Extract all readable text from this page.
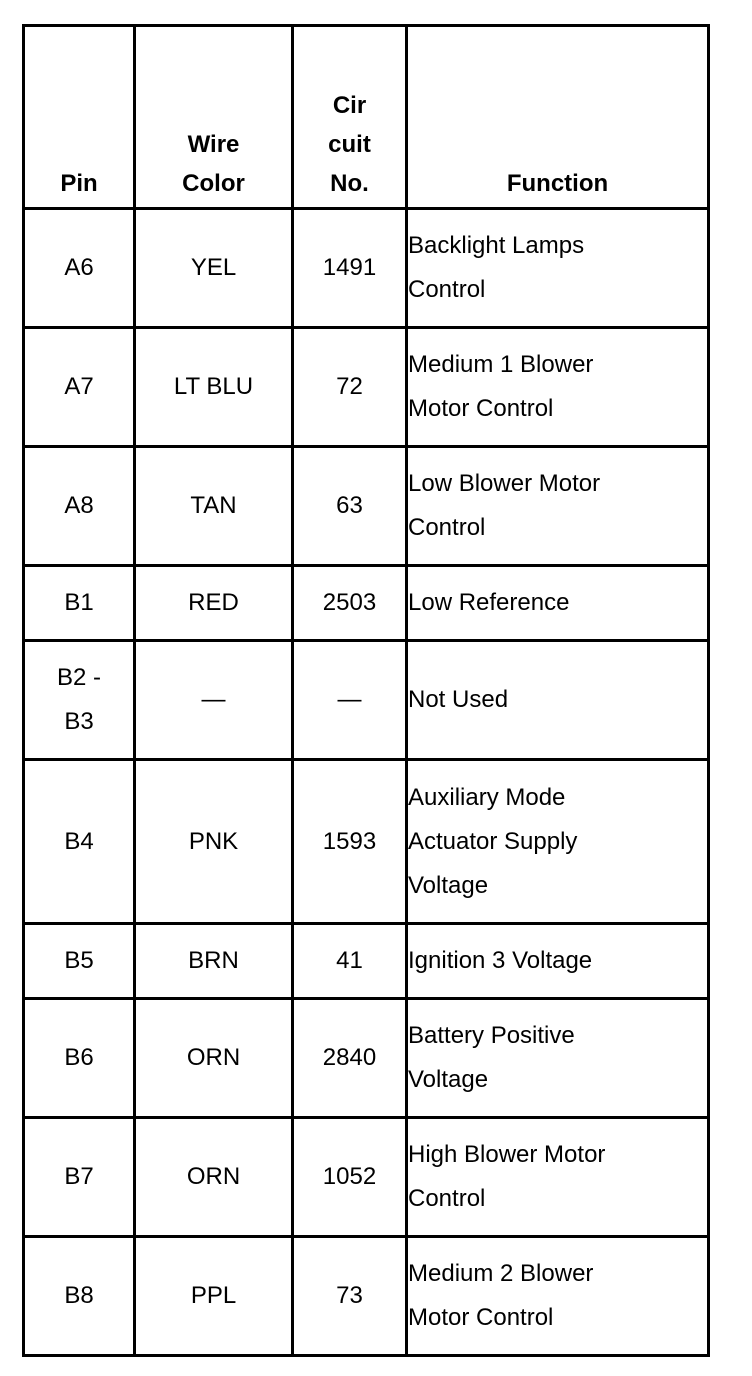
Pin	Wire Color	Cir cuit No.	Function
A6	YEL	1491	Backlight Lamps Control
A7	LT BLU	72	Medium 1 Blower Motor Control
A8	TAN	63	Low Blower Motor Control
B1	RED	2503	Low Reference
B2 - B3	—	—	Not Used
B4	PNK	1593	Auxiliary Mode Actuator Supply Voltage
B5	BRN	41	Ignition 3 Voltage
B6	ORN	2840	Battery Positive Voltage
B7	ORN	1052	High Blower Motor Control
B8	PPL	73	Medium 2 Blower Motor Control
